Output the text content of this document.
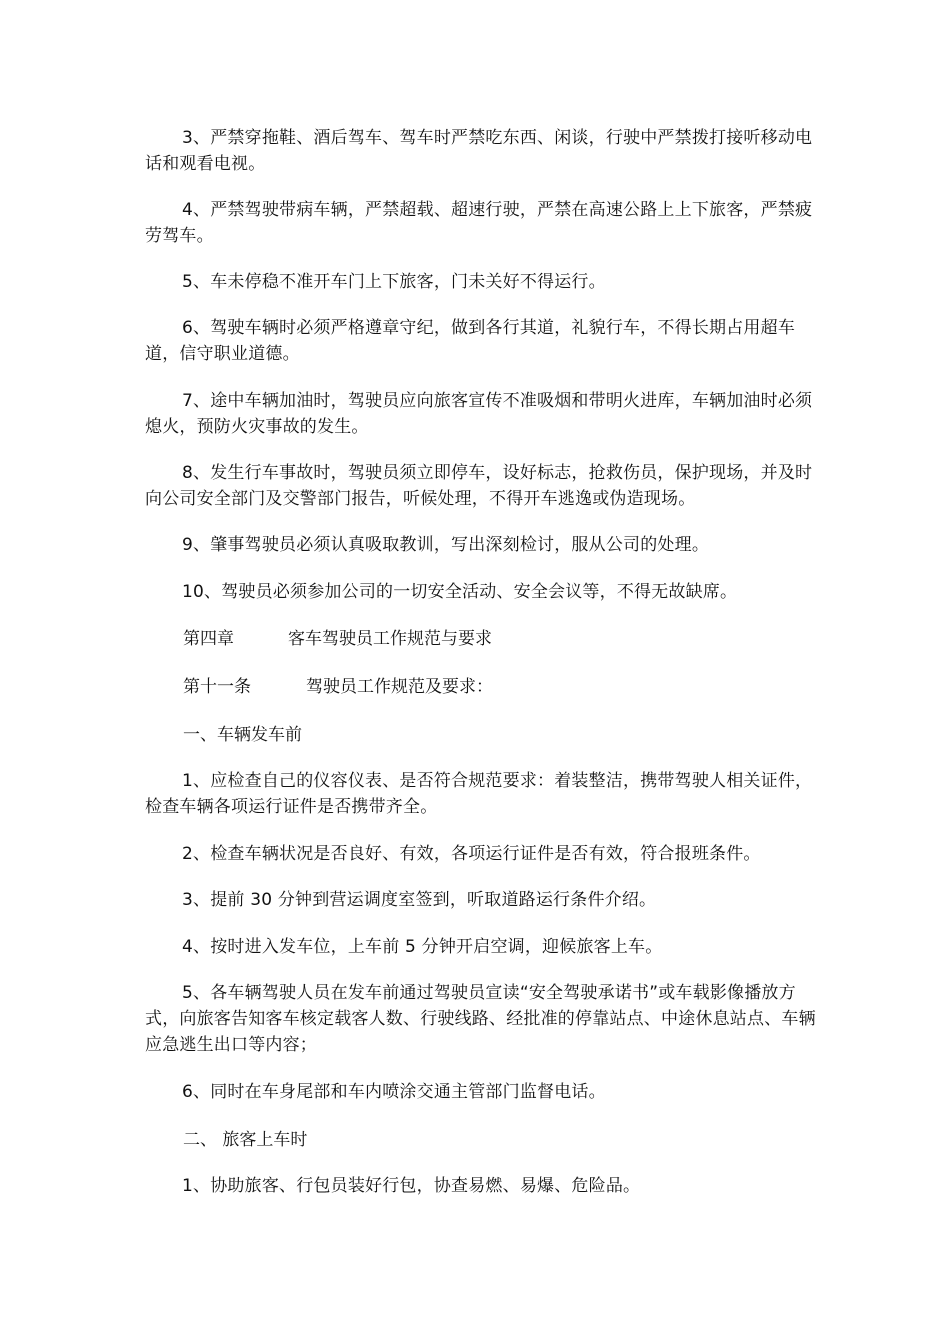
3、严禁穿拖鞋、酒后驾车、驾车时严禁吃东西、闲谈，行驶中严禁拨打接听移动电话和观看电视。

4、严禁驾驶带病车辆，严禁超载、超速行驶，严禁在高速公路上上下旅客，严禁疲劳驾车。

5、车未停稳不准开车门上下旅客，门未关好不得运行。

6、驾驶车辆时必须严格遵章守纪，做到各行其道，礼貌行车，不得长期占用超车道，信守职业道德。

7、途中车辆加油时，驾驶员应向旅客宣传不准吸烟和带明火进库，车辆加油时必须熄火，预防火灾事故的发生。

8、发生行车事故时，驾驶员须立即停车，设好标志，抢救伤员，保护现场，并及时向公司安全部门及交警部门报告，听候处理，不得开车逃逸或伪造现场。

9、肇事驾驶员必须认真吸取教训，写出深刻检讨，服从公司的处理。

10、驾驶员必须参加公司的一切安全活动、安全会议等，不得无故缺席。

第四章	客车驾驶员工作规范与要求
第十一条	驾驶员工作规范及要求：
一、车辆发车前

1、应检查自己的仪容仪表、是否符合规范要求：着装整洁，携带驾驶人相关证件，检查车辆各项运行证件是否携带齐全。

2、检查车辆状况是否良好、有效，各项运行证件是否有效，符合报班条件。

3、提前 30 分钟到营运调度室签到，听取道路运行条件介绍。

4、按时进入发车位，上车前 5 分钟开启空调，迎候旅客上车。

5、各车辆驾驶人员在发车前通过驾驶员宣读“安全驾驶承诺书”或车载影像播放方式，向旅客告知客车核定载客人数、行驶线路、经批准的停靠站点、中途休息站点、车辆应急逃生出口等内容；

6、同时在车身尾部和车内喷涂交通主管部门监督电话。

二、 旅客上车时

1、协助旅客、行包员装好行包，协查易燃、易爆、危险品。
